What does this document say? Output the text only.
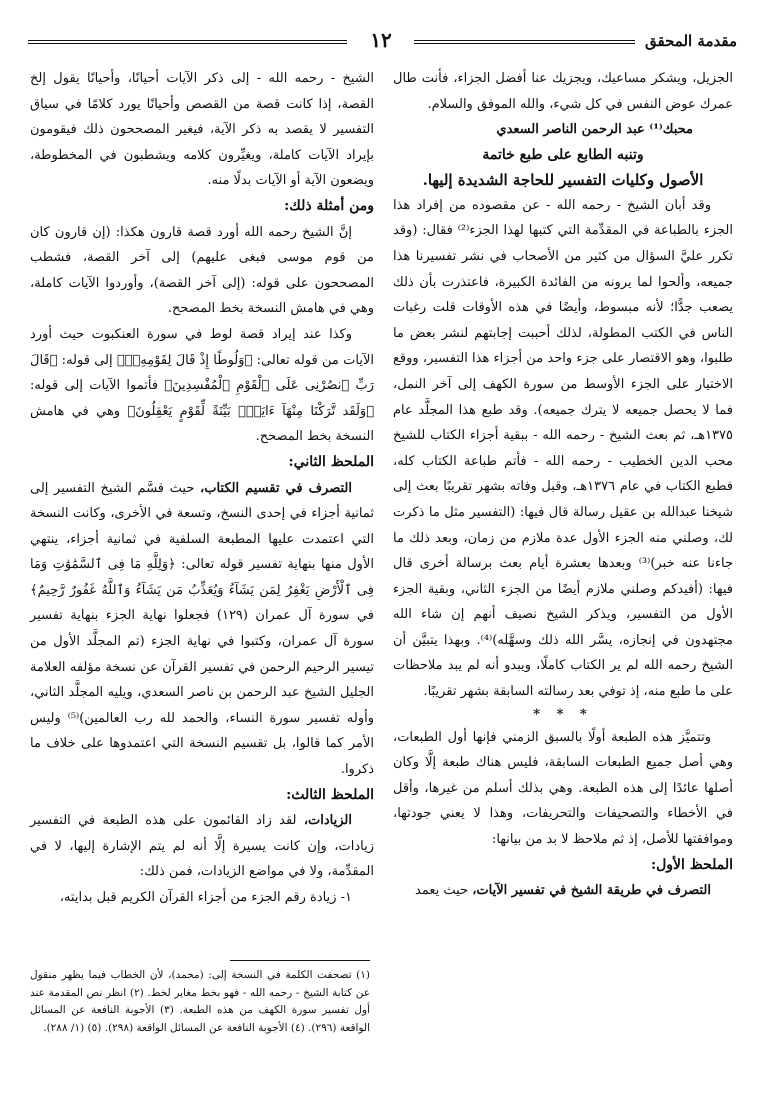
مقدمة المحقق
١٢

الجزيل، ويشكر مساعيك، ويجزيك عنا أفضل الجزاء، فأنت طال عمرك عوض النفس في كل شيء، والله الموفق والسلام.

محبك⁽¹⁾ عبد الرحمن الناصر السعدي

وتنبه الطابع على طبع خاتمة

الأصول وكليات التفسير للحاجة الشديدة إليها.

وقد أبان الشيخ - رحمه الله - عن مقصوده من إفراد هذا الجزء بالطباعة في المقدِّمة التي كتبها لهذا الجزء⁽²⁾ فقال: (وقد تكرر عليَّ السؤال من كثير من الأصحاب في نشر تفسيرنا هذا جميعه، وألحوا لما يرونه من الفائدة الكبيرة، فاعتذرت بأن ذلك يصعب جدًّا؛ لأنه مبسوط، وأيضًا في هذه الأوقات قلت رغبات الناس في الكتب المطولة، لذلك أحببت إجابتهم لنشر بعض ما طلبوا، وهو الاقتصار على جزء واحد من أجزاء هذا التفسير، ووقع الاختيار على الجزء الأوسط من سورة الكهف إلى آخر النمل، فما لا يحصل جميعه لا يترك جميعه). وقد طبع هذا المجلَّد عام ١٣٧٥هـ، ثم بعث الشيخ - رحمه الله - ببقية أجزاء الكتاب للشيخ محب الدين الخطيب - رحمه الله - فأتم طباعة الكتاب كله، فطبع الكتاب في عام ١٣٧٦هـ، وقبل وفاته بشهر تقريبًا بعث إلى شيخنا عبدالله بن عقيل رسالة قال فيها: (التفسير مثل ما ذكرت لك، وصلني منه الجزء الأول عدة ملازم من زمان، وبعد ذلك ما جاءنا عنه خبر)⁽³⁾ وبعدها بعشرة أيام بعث برسالة أخرى قال فيها: (أفيدكم وصلني ملازم أيضًا من الجزء الثاني، وبقية الجزء الأول من التفسير، ويذكر الشيخ نصيف أنهم إن شاء الله مجتهدون في إنجازه، يسَّر الله ذلك وسهَّله)⁽⁴⁾. وبهذا يتبيَّن أن الشيخ رحمه الله لم ير الكتاب كاملًا، ويبدو أنه لم يبد ملاحظات على ما طبع منه، إذ توفي بعد رسالته السابقة بشهر تقريبًا.

* * *

وتتميَّز هذه الطبعة أولًا بالسبق الزمني فإنها أول الطبعات، وهي أصل جميع الطبعات السابقة، فليس هناك طبعة إلَّا وكان أصلها عائدًا إلى هذه الطبعة. وهي بذلك أسلم من غيرها، وأقل في الأخطاء والتصحيفات والتحريفات، وهذا لا يعني جودتها، وموافقتها للأصل، إذ ثم ملاحظ لا بد من بيانها:

الملحظ الأول:

التصرف في طريقة الشيخ في تفسير الآيات، حيث يعمد

الشيخ - رحمه الله - إلى ذكر الآيات أحيانًا، وأحيانًا يقول إلخ القصة، إذا كانت قصة من القصص وأحيانًا يورد كلامًا في سياق التفسير لا يقصد به ذكر الآية، فيغير المصححون ذلك فيقومون بإيراد الآيات كاملة، ويغيِّرون كلامه ويشطبون في المخطوطة، ويضعون الآية أو الآيات بدلًا منه.

ومن أمثلة ذلك:

إنَّ الشيخ رحمه الله أورد قصة قارون هكذا: (إن قارون كان من قوم موسى فبغى عليهم) إلى آخر القصة، فشطب المصححون على قوله: (إلى آخر القصة)، وأوردوا الآيات كاملة، وهي في هامش النسخة بخط المصحح.

وكذا عند إيراد قصة لوط في سورة العنكبوت حيث أورد الآيات من قوله تعالى: ﴿وَلُوطًا إِذْ قَالَ لِقَوْمِهِۦٓ﴾ إلى قوله: ﴿قَالَ رَبِّ ٱنصُرْنِى عَلَى ٱلْقَوْمِ ٱلْمُفْسِدِينَ﴾ فأتموا الآيات إلى قوله: ﴿وَلَقَد تَّرَكْنَا مِنْهَآ ءَايَةًۢ بَيِّنَةً لِّقَوْمٍ يَعْقِلُونَ﴾ وهي في هامش النسخة بخط المصحح.

الملحظ الثاني:

التصرف في تقسيم الكتاب، حيث قسَّم الشيخ التفسير إلى ثمانية أجزاء في إحدى النسخ، وتسعة في الأخرى، وكانت النسخة التي اعتمدت عليها المطبعة السلفية في ثمانية أجزاء، ينتهي الأول منها بنهاية تفسير قوله تعالى: ﴿وَلِلَّهِ مَا فِى ٱلسَّمَٰوَٰتِ وَمَا فِى ٱلْأَرْضِ يَغْفِرُ لِمَن يَشَآءُ وَيُعَذِّبُ مَن يَشَآءُ وَٱللَّهُ غَفُورٌ رَّحِيمٌ﴾ في سورة آل عمران (١٢٩) فجعلوا نهاية الجزء بنهاية تفسير سورة آل عمران، وكتبوا في نهاية الجزء (تم المجلَّد الأول من تيسير الرحيم الرحمن في تفسير القرآن عن نسخة مؤلفه العلامة الجليل الشيخ عبد الرحمن بن ناصر السعدي، ويليه المجلَّد الثاني، وأوله تفسير سورة النساء، والحمد لله رب العالمين)⁽⁵⁾ وليس الأمر كما قالوا، بل تقسيم النسخة التي اعتمدوها على خلاف ما ذكروا.

الملحظ الثالث:

الزيادات، لقد زاد القائمون على هذه الطبعة في التفسير زيادات، وإن كانت يسيرة إلَّا أنه لم يتم الإشارة إليها، لا في المقدِّمة، ولا في مواضع الزيادات، فمن ذلك:

١- زيادة رقم الجزء من أجزاء القرآن الكريم قبل بدايته،

(١) تصحفت الكلمة في النسخة إلى: (محمد)، لأن الخطاب فيما يظهر منقول عن كتابة الشيخ - رحمه الله - فهو بخط مغاير لخط. (٢) انظر نص المقدمة عند أول تفسير سورة الكهف من هذه الطبعة. (٣) الأجوبة النافعة عن المسائل الواقعة (٢٩٦). (٤) الأجوبة النافعة عن المسائل الواقعة (٢٩٨). (٥) (١/ ٢٨٨).
